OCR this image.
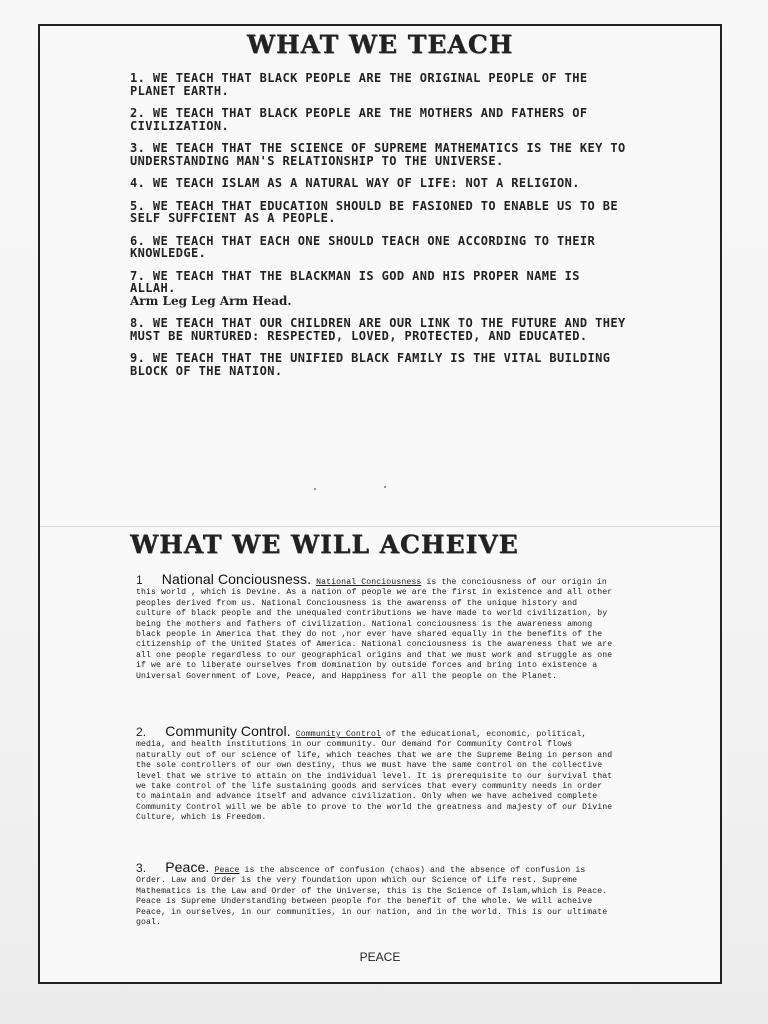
WHAT WE TEACH
1. WE TEACH THAT BLACK PEOPLE ARE THE ORIGINAL PEOPLE OF THE PLANET EARTH.
2. WE TEACH THAT BLACK PEOPLE ARE THE MOTHERS AND FATHERS OF CIVILIZATION.
3. WE TEACH THAT THE SCIENCE OF SUPREME MATHEMATICS IS THE KEY TO UNDERSTANDING MAN'S RELATIONSHIP TO THE UNIVERSE.
4. WE TEACH ISLAM AS A NATURAL WAY OF LIFE: NOT A RELIGION.
5. WE TEACH THAT EDUCATION SHOULD BE FASIONED TO ENABLE US TO BE SELF SUFFCIENT AS A PEOPLE.
6. WE TEACH THAT EACH ONE SHOULD TEACH ONE ACCORDING TO THEIR KNOWLEDGE.
7. WE TEACH THAT THE BLACKMAN IS GOD AND HIS PROPER NAME IS ALLAH.
Arm Leg Leg Arm Head.
8. WE TEACH THAT OUR CHILDREN ARE OUR LINK TO THE FUTURE AND THEY MUST BE NURTURED: RESPECTED, LOVED, PROTECTED, AND EDUCATED.
9. WE TEACH THAT THE UNIFIED BLACK FAMILY IS THE VITAL BUILDING BLOCK OF THE NATION.
WHAT WE WILL ACHEIVE

1 National Conciousness. National Conciousness is the conciousness of our origin in this world , which is Devine. As a nation of people we are the first in existence and all other peoples derived from us. National Conciousness is the awarenss of the unique history and culture of black people and the unequaled contributions we have made to world civilization, by being the mothers and fathers of civilization. National conciousness is the awareness among black people in America that they do not ,nor ever have shared equally in the benefits of the citizenship of the United States of America. National conciousness is the awareness that we are all one people regardless to our geographical origins and that we must work and struggle as one if we are to liberate ourselves from domination by outside forces and bring into existence a Universal Government of Love, Peace, and Happiness for all the people on the Planet.

2. Community Control. Community Control of the educational, economic, political, media, and health institutions in our community. Our demand for Community Control flows naturally out of our science of life, which teaches that we are the Supreme Being in person and the sole controllers of our own destiny, thus we must have the same control on the collective level that we strive to attain on the individual level. It is prerequisite to our survival that we take control of the life sustaining goods and services that every community needs in order to maintain and advance itself and advance civilization. Only when we have acheived complete Community Control will we be able to prove to the world the greatness and majesty of our Divine Culture, which is Freedom.

3. Peace. Peace is the abscence of confusion (chaos) and the absence of confusion is Order. Law and Order is the very foundation upon which our Science of Life rest. Supreme Mathematics is the Law and Order of the Universe, this is the Science of Islam,which is Peace. Peace is Supreme Understanding between people for the benefit of the whole. We will acheive Peace, in ourselves, in our communities, in our nation, and in the world. This is our ultimate goal.

PEACE
